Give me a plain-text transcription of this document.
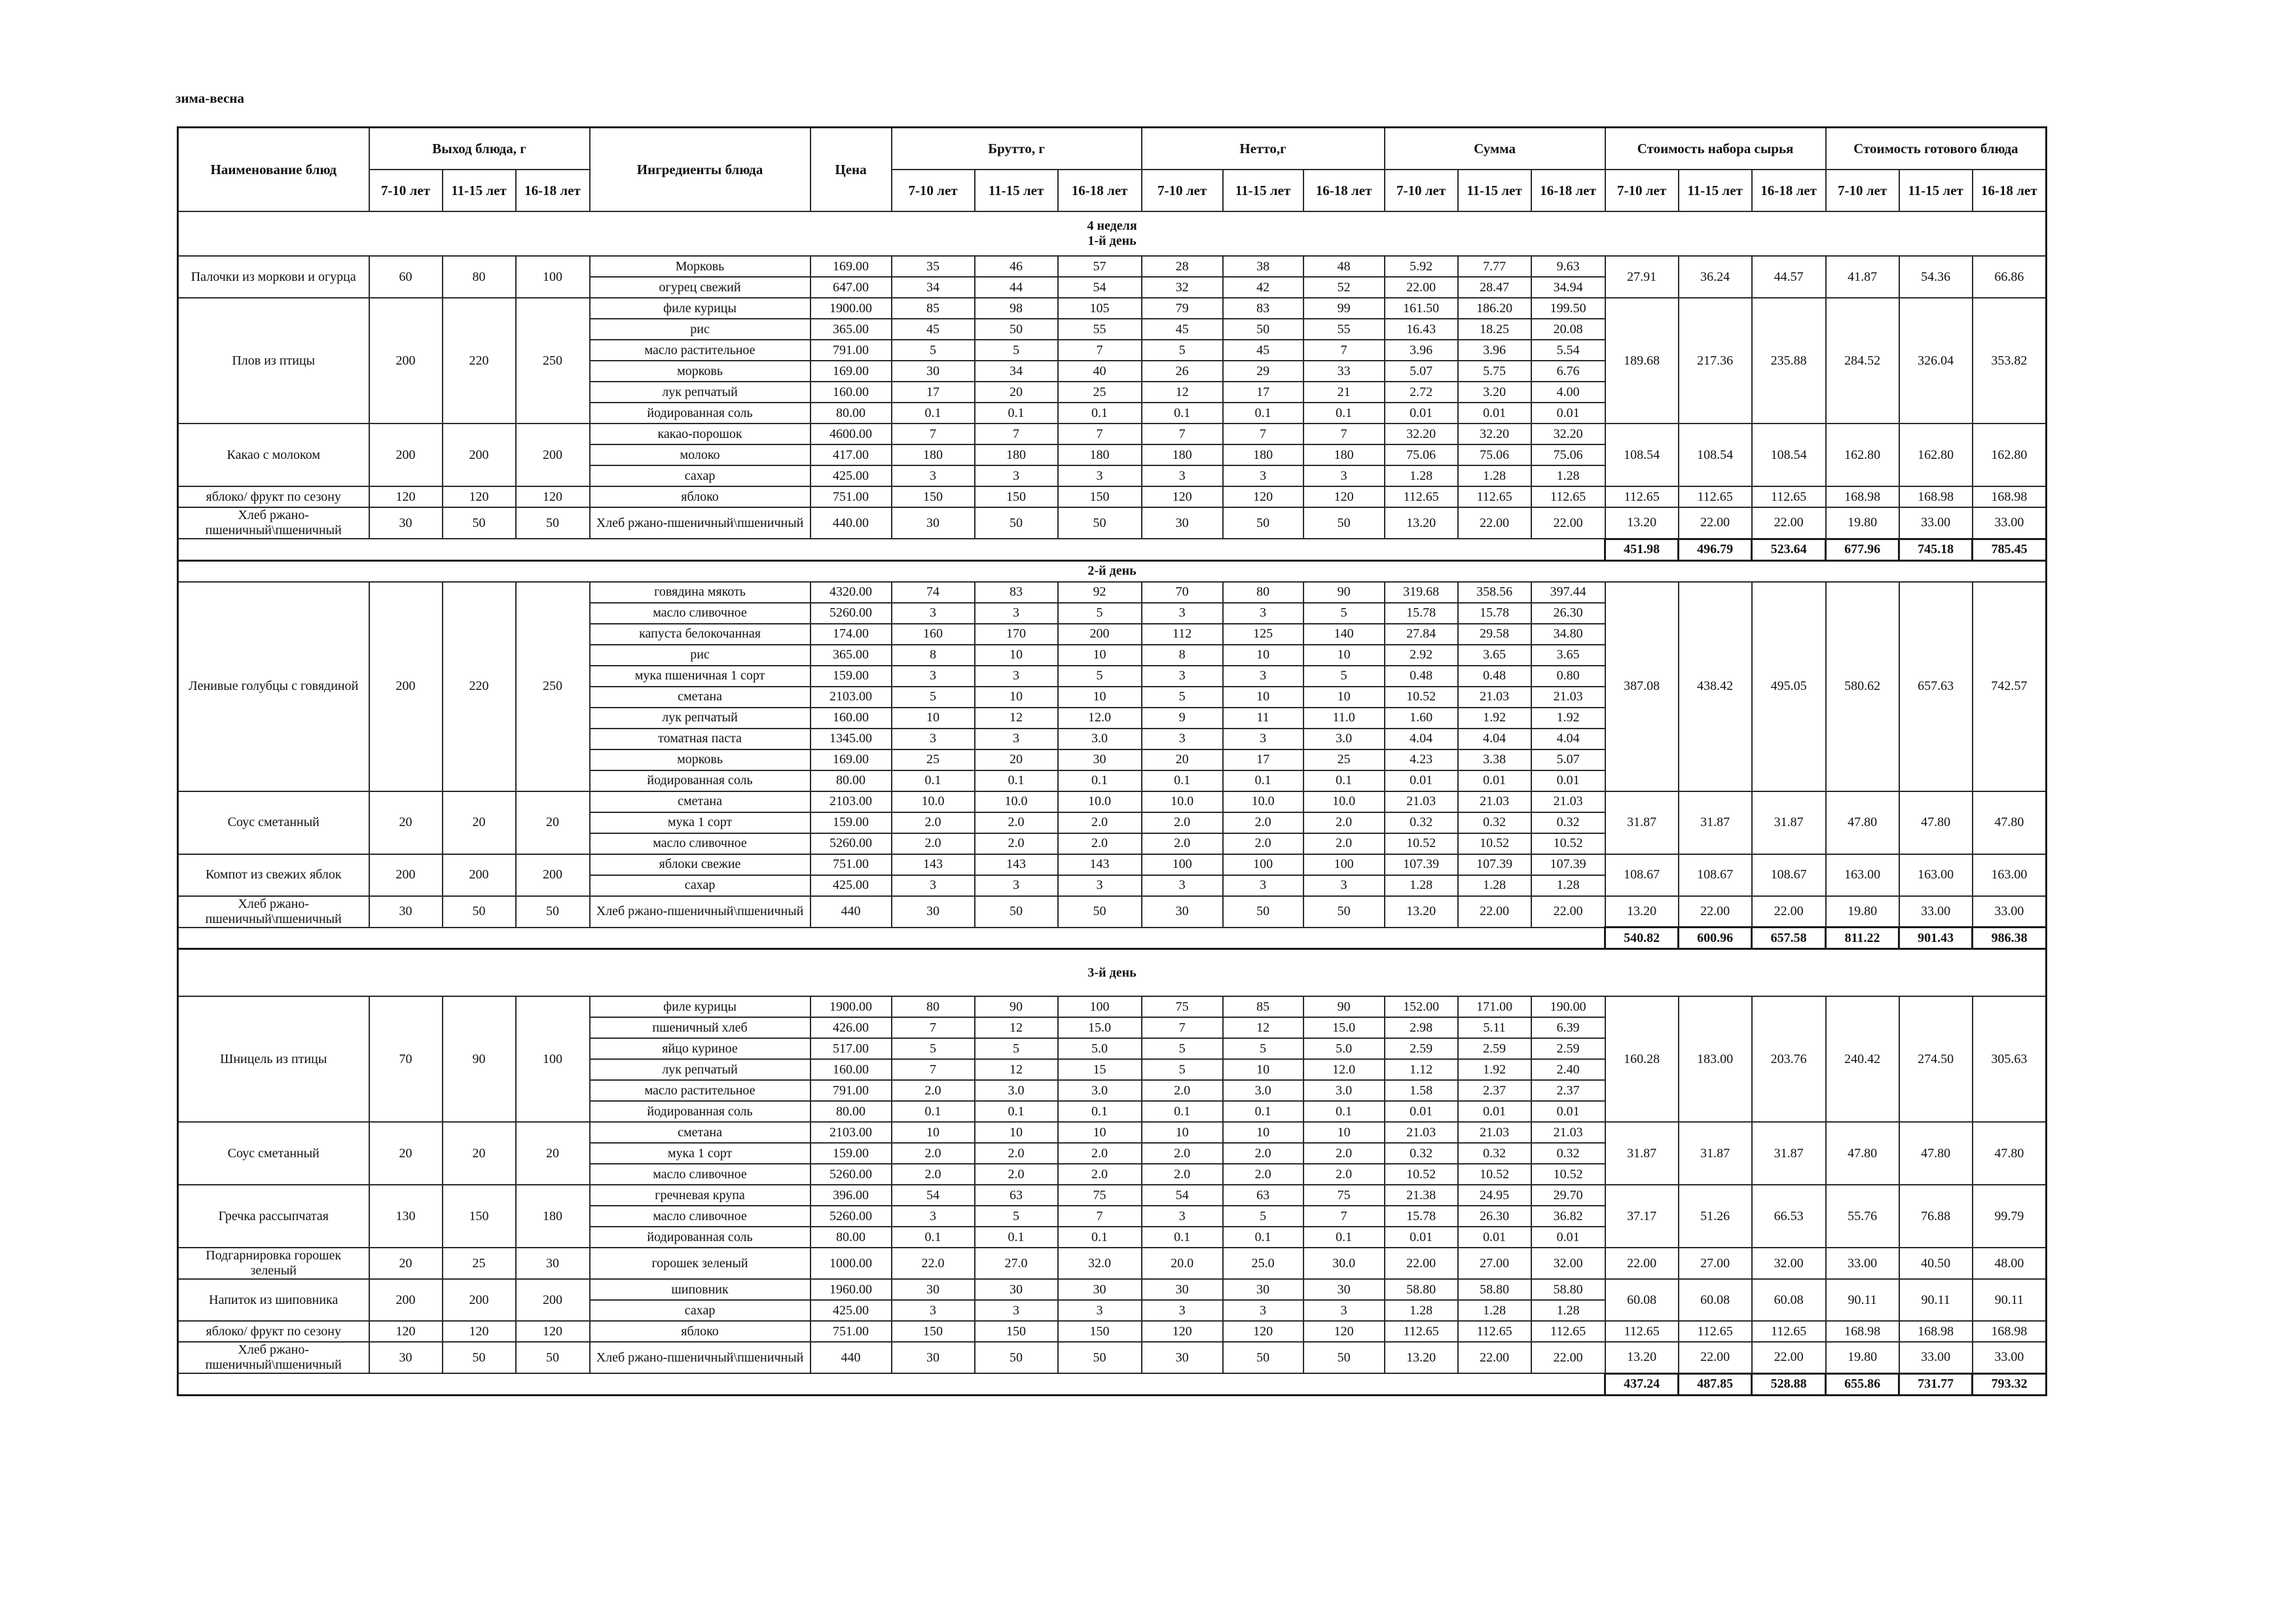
зима-весна
Наименование блюд	Выход блюда, г			Ингредиенты блюда	Цена	Брутто, г			Нетто,г			Сумма			Стоимость набора сырья			Стоимость готового блюда		
	7-10 лет	11-15 лет	16-18 лет			7-10 лет	11-15 лет	16-18 лет	7-10 лет	11-15 лет	16-18 лет	7-10 лет	11-15 лет	16-18 лет	7-10 лет	11-15 лет	16-18 лет	7-10 лет	11-15 лет	16-18 лет

4 неделя
1-й день																				

Палочки из моркови и огурца	60	80	100	Морковь	169.00	35	46	57	28	38	48	5.92	7.77	9.63	27.91	36.24	44.57	41.87	54.36	66.86
				огурец свежий	647.00	34	44	54	32	42	52	22.00	28.47	34.94						
Плов из птицы	200	220	250	филе курицы	1900.00	85	98	105	79	83	99	161.50	186.20	199.50	189.68	217.36	235.88	284.52	326.04	353.82
				рис	365.00	45	50	55	45	50	55	16.43	18.25	20.08						
				масло растительное	791.00	5	5	7	5	45	7	3.96	3.96	5.54						
				морковь	169.00	30	34	40	26	29	33	5.07	5.75	6.76						
				лук репчатый	160.00	17	20	25	12	17	21	2.72	3.20	4.00						
				йодированная соль	80.00	0.1	0.1	0.1	0.1	0.1	0.1	0.01	0.01	0.01						
Какао с молоком	200	200	200	какао-порошок	4600.00	7	7	7	7	7	7	32.20	32.20	32.20	108.54	108.54	108.54	162.80	162.80	162.80
				молоко	417.00	180	180	180	180	180	180	75.06	75.06	75.06						
				сахар	425.00	3	3	3	3	3	3	1.28	1.28	1.28						
яблоко/ фрукт по сезону	120	120	120	яблоко	751.00	150	150	150	120	120	120	112.65	112.65	112.65	112.65	112.65	112.65	168.98	168.98	168.98
Хлеб ржано-пшеничный\пшеничный	30	50	50	Хлеб ржано-пшеничный\пшеничный	440.00	30	50	50	30	50	50	13.20	22.00	22.00	13.20	22.00	22.00	19.80	33.00	33.00
															451.98	496.79	523.64	677.96	745.18	785.45

2-й день																				

Ленивые голубцы с говядиной	200	220	250	говядина мякоть	4320.00	74	83	92	70	80	90	319.68	358.56	397.44	387.08	438.42	495.05	580.62	657.63	742.57
				масло сливочное	5260.00	3	3	5	3	3	5	15.78	15.78	26.30						
				капуста белокочанная	174.00	160	170	200	112	125	140	27.84	29.58	34.80						
				рис	365.00	8	10	10	8	10	10	2.92	3.65	3.65						
				мука пшеничная 1 сорт	159.00	3	3	5	3	3	5	0.48	0.48	0.80						
				сметана	2103.00	5	10	10	5	10	10	10.52	21.03	21.03						
				лук репчатый	160.00	10	12	12.0	9	11	11.0	1.60	1.92	1.92						
				томатная паста	1345.00	3	3	3.0	3	3	3.0	4.04	4.04	4.04						
				морковь	169.00	25	20	30	20	17	25	4.23	3.38	5.07						
				йодированная соль	80.00	0.1	0.1	0.1	0.1	0.1	0.1	0.01	0.01	0.01						
Соус сметанный	20	20	20	сметана	2103.00	10.0	10.0	10.0	10.0	10.0	10.0	21.03	21.03	21.03	31.87	31.87	31.87	47.80	47.80	47.80
				мука 1 сорт	159.00	2.0	2.0	2.0	2.0	2.0	2.0	0.32	0.32	0.32						
				масло сливочное	5260.00	2.0	2.0	2.0	2.0	2.0	2.0	10.52	10.52	10.52						
Компот из свежих яблок	200	200	200	яблоки свежие	751.00	143	143	143	100	100	100	107.39	107.39	107.39	108.67	108.67	108.67	163.00	163.00	163.00
				сахар	425.00	3	3	3	3	3	3	1.28	1.28	1.28						
Хлеб ржано-пшеничный\пшеничный	30	50	50	Хлеб ржано-пшеничный\пшеничный	440	30	50	50	30	50	50	13.20	22.00	22.00	13.20	22.00	22.00	19.80	33.00	33.00
															540.82	600.96	657.58	811.22	901.43	986.38

3-й день																				

Шницель из птицы	70	90	100	филе курицы	1900.00	80	90	100	75	85	90	152.00	171.00	190.00	160.28	183.00	203.76	240.42	274.50	305.63
				пшеничный хлеб	426.00	7	12	15.0	7	12	15.0	2.98	5.11	6.39						
				яйцо куриное	517.00	5	5	5.0	5	5	5.0	2.59	2.59	2.59						
				лук репчатый	160.00	7	12	15	5	10	12.0	1.12	1.92	2.40						
				масло растительное	791.00	2.0	3.0	3.0	2.0	3.0	3.0	1.58	2.37	2.37						
				йодированная соль	80.00	0.1	0.1	0.1	0.1	0.1	0.1	0.01	0.01	0.01						
Соус сметанный	20	20	20	сметана	2103.00	10	10	10	10	10	10	21.03	21.03	21.03	31.87	31.87	31.87	47.80	47.80	47.80
				мука 1 сорт	159.00	2.0	2.0	2.0	2.0	2.0	2.0	0.32	0.32	0.32						
				масло сливочное	5260.00	2.0	2.0	2.0	2.0	2.0	2.0	10.52	10.52	10.52						
Гречка рассыпчатая	130	150	180	гречневая крупа	396.00	54	63	75	54	63	75	21.38	24.95	29.70	37.17	51.26	66.53	55.76	76.88	99.79
				масло сливочное	5260.00	3	5	7	3	5	7	15.78	26.30	36.82						
				йодированная соль	80.00	0.1	0.1	0.1	0.1	0.1	0.1	0.01	0.01	0.01						
Подгарнировка горошек зеленый	20	25	30	горошек зеленый	1000.00	22.0	27.0	32.0	20.0	25.0	30.0	22.00	27.00	32.00	22.00	27.00	32.00	33.00	40.50	48.00
Напиток из шиповника	200	200	200	шиповник	1960.00	30	30	30	30	30	30	58.80	58.80	58.80	60.08	60.08	60.08	90.11	90.11	90.11
				сахар	425.00	3	3	3	3	3	3	1.28	1.28	1.28						
яблоко/ фрукт по сезону	120	120	120	яблоко	751.00	150	150	150	120	120	120	112.65	112.65	112.65	112.65	112.65	112.65	168.98	168.98	168.98
Хлеб ржано-пшеничный\пшеничный	30	50	50	Хлеб ржано-пшеничный\пшеничный	440	30	50	50	30	50	50	13.20	22.00	22.00	13.20	22.00	22.00	19.80	33.00	33.00
															437.24	487.85	528.88	655.86	731.77	793.32
